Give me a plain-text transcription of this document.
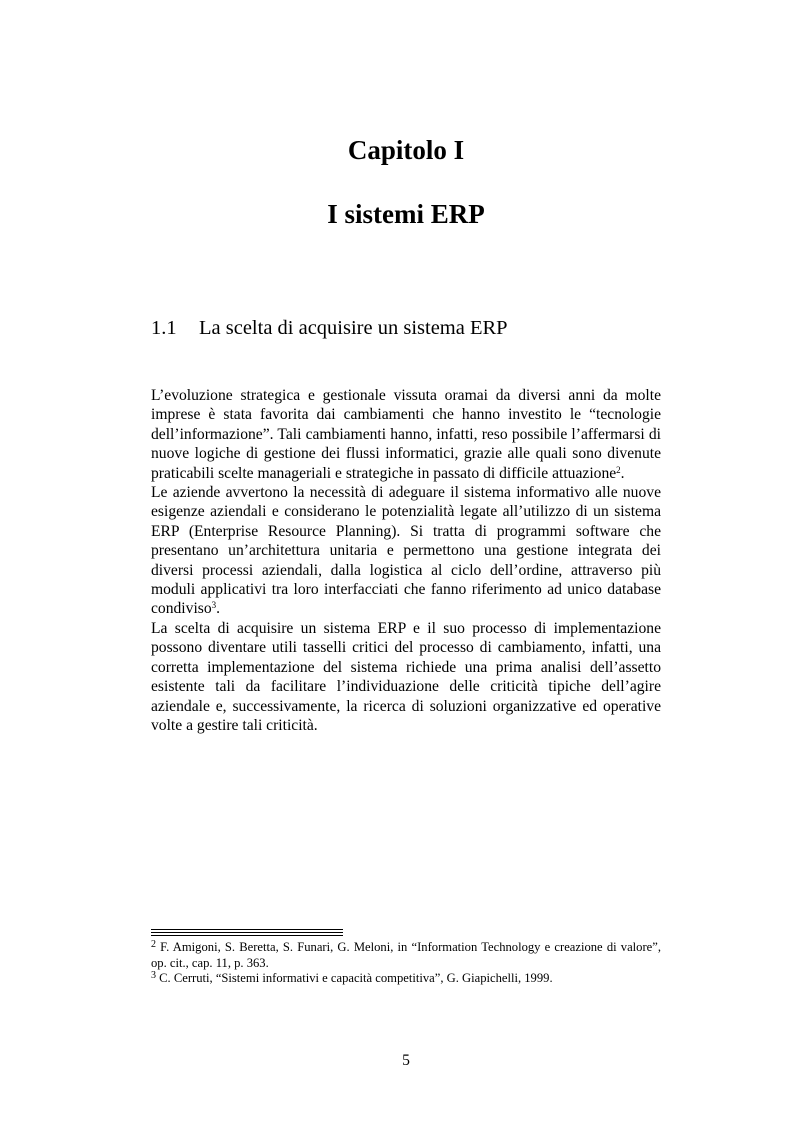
Capitolo I
I sistemi ERP
1.1 La scelta di acquisire un sistema ERP

L’evoluzione strategica e gestionale vissuta oramai da diversi anni da molte imprese è stata favorita dai cambiamenti che hanno investito le “tecnologie dell’informazione”. Tali cambiamenti hanno, infatti, reso possibile l’affermarsi di nuove logiche di gestione dei flussi informatici, grazie alle quali sono divenute praticabili scelte manageriali e strategiche in passato di difficile attuazione$^2$.

Le aziende avvertono la necessità di adeguare il sistema informativo alle nuove esigenze aziendali e considerano le potenzialità legate all’utilizzo di un sistema ERP (Enterprise Resource Planning). Si tratta di programmi software che presentano un’architettura unitaria e permettono una gestione integrata dei diversi processi aziendali, dalla logistica al ciclo dell’ordine, attraverso più moduli applicativi tra loro interfacciati che fanno riferimento ad unico database condiviso$^3$.

La scelta di acquisire un sistema ERP e il suo processo di implementazione possono diventare utili tasselli critici del processo di cambiamento, infatti, una corretta implementazione del sistema richiede una prima analisi dell’assetto esistente tali da facilitare l’individuazione delle criticità tipiche dell’agire aziendale e, successivamente, la ricerca di soluzioni organizzative ed operative volte a gestire tali criticità.

$^2$ F. Amigoni, S. Beretta, S. Funari, G. Meloni, in “Information Technology e creazione di valore”, op. cit., cap. 11, p. 363.

$^3$ C. Cerruti, “Sistemi informativi e capacità competitiva”, G. Giapichelli, 1999.

5
